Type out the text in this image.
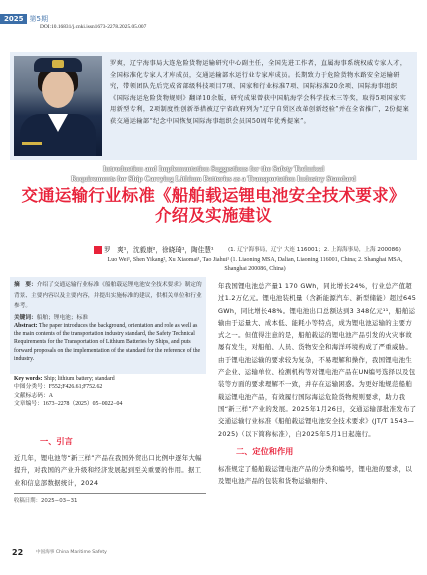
2025 第5期
DOI:10.16831/j.cnki.issn1673-2278.2025.05.007
罗爽，辽宁海事局大连危险货物运输研究中心副主任，全国先进工作者，直属海事系统权威专家人才，全国标准化专家人才库成员，交通运输部水运行业专家库成员。长期致力于危险货物水路安全运输研究，带领团队先后完成省部级科技项目7项、国家和行业标准7项、国际标准20余项、国际海事组织《国际海运危险货物规则》翻译10余版，研究成果曾获中国航海学会科学技术三等奖，取得5项国家实用新型专利，2项制度性创新举措被辽宁省政府列为“辽宁自贸区改革创新经验”并在全省推广，2份提案获交通运输部“纪念中国恢复国际海事组织会员国50周年优秀提案”。
Introduction and Implementation Suggestions for the Safety Technical
Requirements for Ship Carrying Lithium Batteries as a Transportation Industry Standard
交通运输行业标准《船舶载运锂电池安全技术要求》
介绍及实施建议
罗　爽¹，沈毅康²，徐晓琦¹，陶佳慧¹	(1. 辽宁海事局，辽宁 大连 116001；2. 上海海事局，上海 200086)
Luo Wei¹, Shen Yikang², Xu Xiaomai¹, Tao Jiahui¹ (1. Liaoning MSA, Dalian, Liaoning 116001, China; 2. Shanghai MSA, Shanghai 200086, China)
摘　要：介绍了交通运输行业标准《船舶载运锂电池安全技术要求》制定的背景、主要内容以及主要内容，并提出实施标准的建议，供相关单位和行业参考。
关键词：船舶；锂电池；标准
Abstract: The paper introduces the background, orientation and role as well as the main contents of the transportation industry standard, the Safety Technical Requirements for the Transportation of Lithium Batteries by Ships, and puts forward proposals on the implementation of the standard for the reference of the industry.
Key words: Ship; lithium battery; standard
中图分类号：F552;F426.61;F752.62
文献标志码：A
文章编号：1673−2278（2025）05−0022−04
一、引言
近几年，锂电池等“新三样”产品在我国外贸出口比例中逐年大幅提升，对我国的产业升级和经济发展起到至关重要的作用。据工业和信息部数据统计，2024
收稿日期：2025−03−31
年我国锂电池总产量1 170 GWh，同比增长24%，行业总产值超过1.2万亿元。锂电池装机量（含新能源汽车、新型储能）超过645 GWh，同比增长48%。锂电池出口总额达到3 348亿元¹¹，船舶运输由于运量大、成本低、能耗小等特点，成为锂电池运输的主要方式之一。但值得注意的是，船舶载运的锂电池产品引发的火灾事故屡有发生，对船舶、人员、货物安全和海洋环境构成了严重威胁。由于锂电池运输的要求较为复杂，不易理解和操作，我国锂电池生产企业、运输单位、检测机构等对锂电池产品在UN编号选择以及包装等方面的要求理解不一致，并存在运输困惑。为更好地规范船舶载运锂电池产品，有效履行国际海运危险货物规则要求，助力我国“新三样”产业的发展。2025年1月26日，交通运输部批准发布了交通运输行业标准《船舶载运锂电池安全技术要求》(JT/T 1543—2025)（以下简称标准），自2025年5月1日起施行。
二、定位和作用
标准规定了船舶载运锂电池产品的分类和编号，锂电池的要求，以及锂电池产品的包装和货物运输细件、
22	中国海事 China Maritime Safety
